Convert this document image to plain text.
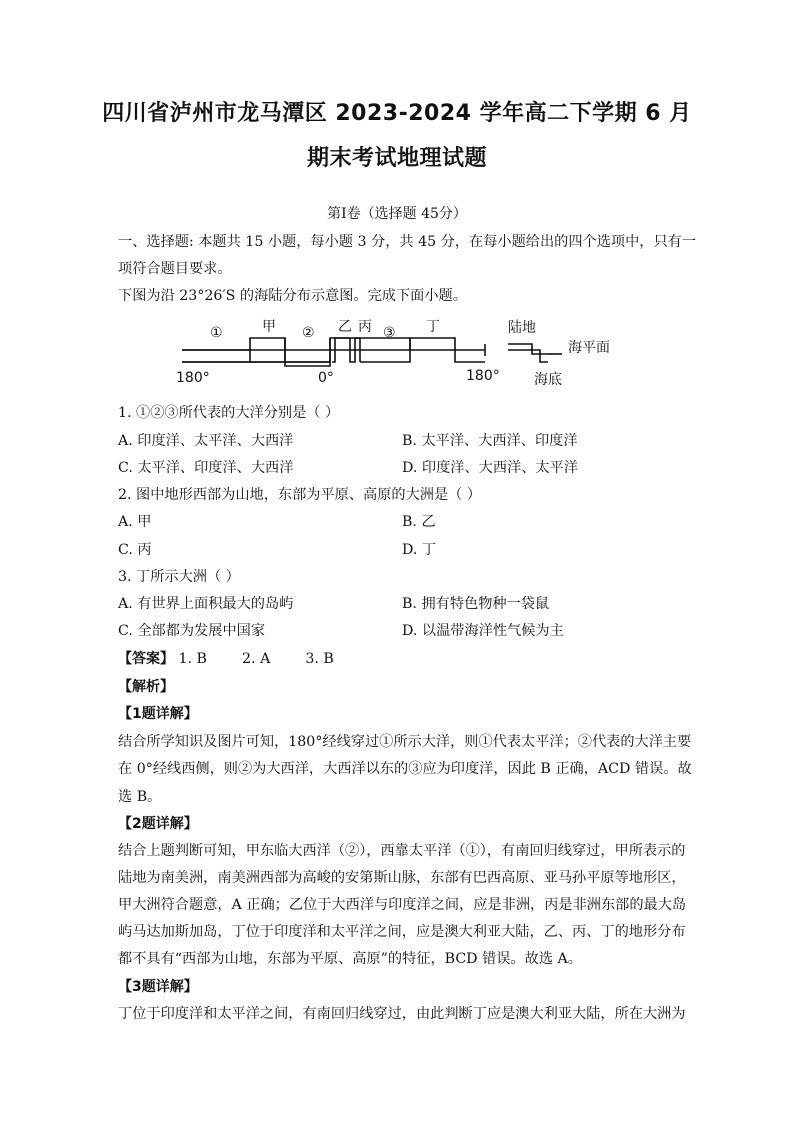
四川省泸州市龙马潭区 2023-2024 学年高二下学期 6 月
期末考试地理试题
第Ⅰ卷（选择题 45分）
一、选择题: 本题共 15 小题，每小题 3 分，共 45 分，在每小题给出的四个选项中，只有一
项符合题目要求。
下图为沿 23°26′S 的海陆分布示意图。完成下面小题。
①	甲 ② 乙 丙 ③ 丁
180°	0°	180°
陆地
海平面
海底
1. ①②③所代表的大洋分别是（ ）
A. 印度洋、太平洋、大西洋	B. 太平洋、大西洋、印度洋
C. 太平洋、印度洋、大西洋	D. 印度洋、大西洋、太平洋
2. 图中地形西部为山地，东部为平原、高原的大洲是（ ）
A. 甲	B. 乙
C. 丙	D. 丁
3. 丁所示大洲（ ）
A. 有世界上面积最大的岛屿	B. 拥有特色物种一袋鼠
C. 全部都为发展中国家	D. 以温带海洋性气候为主
【答案】 1. B 2. A 3. B
【解析】
【1题详解】
结合所学知识及图片可知，180°经线穿过①所示大洋，则①代表太平洋；②代表的大洋主要
在 0°经线西侧，则②为大西洋，大西洋以东的③应为印度洋，因此 B 正确，ACD 错误。故
选 B。
【2题详解】
结合上题判断可知，甲东临大西洋（②），西靠太平洋（①），有南回归线穿过，甲所表示的
陆地为南美洲，南美洲西部为高峻的安第斯山脉，东部有巴西高原、亚马孙平原等地形区，
甲大洲符合题意，A 正确；乙位于大西洋与印度洋之间，应是非洲，丙是非洲东部的最大岛
屿马达加斯加岛，丁位于印度洋和太平洋之间，应是澳大利亚大陆，乙、丙、丁的地形分布
都不具有“西部为山地，东部为平原、高原”的特征，BCD 错误。故选 A。
【3题详解】
丁位于印度洋和太平洋之间，有南回归线穿过，由此判断丁应是澳大利亚大陆，所在大洲为
